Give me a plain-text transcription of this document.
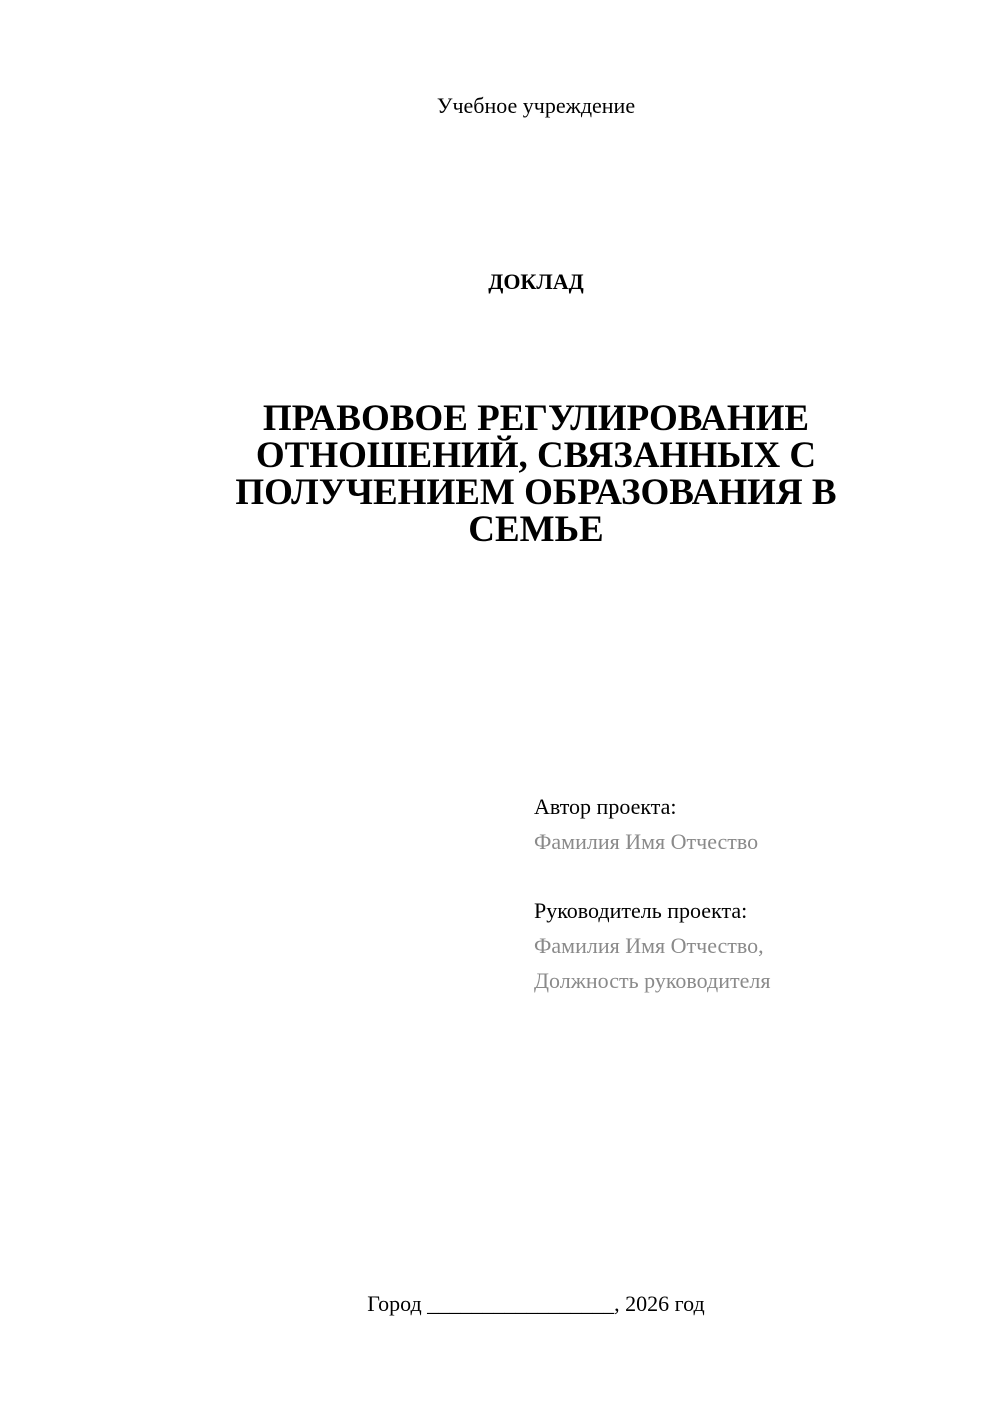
Учебное учреждение
ДОКЛАД
ПРАВОВОЕ РЕГУЛИРОВАНИЕ
ОТНОШЕНИЙ, СВЯЗАННЫХ С
ПОЛУЧЕНИЕМ ОБРАЗОВАНИЯ В
СЕМЬЕ
Автор проекта:
Фамилия Имя Отчество
Руководитель проекта:
Фамилия Имя Отчество,
Должность руководителя
Город _________________, 2026 год
